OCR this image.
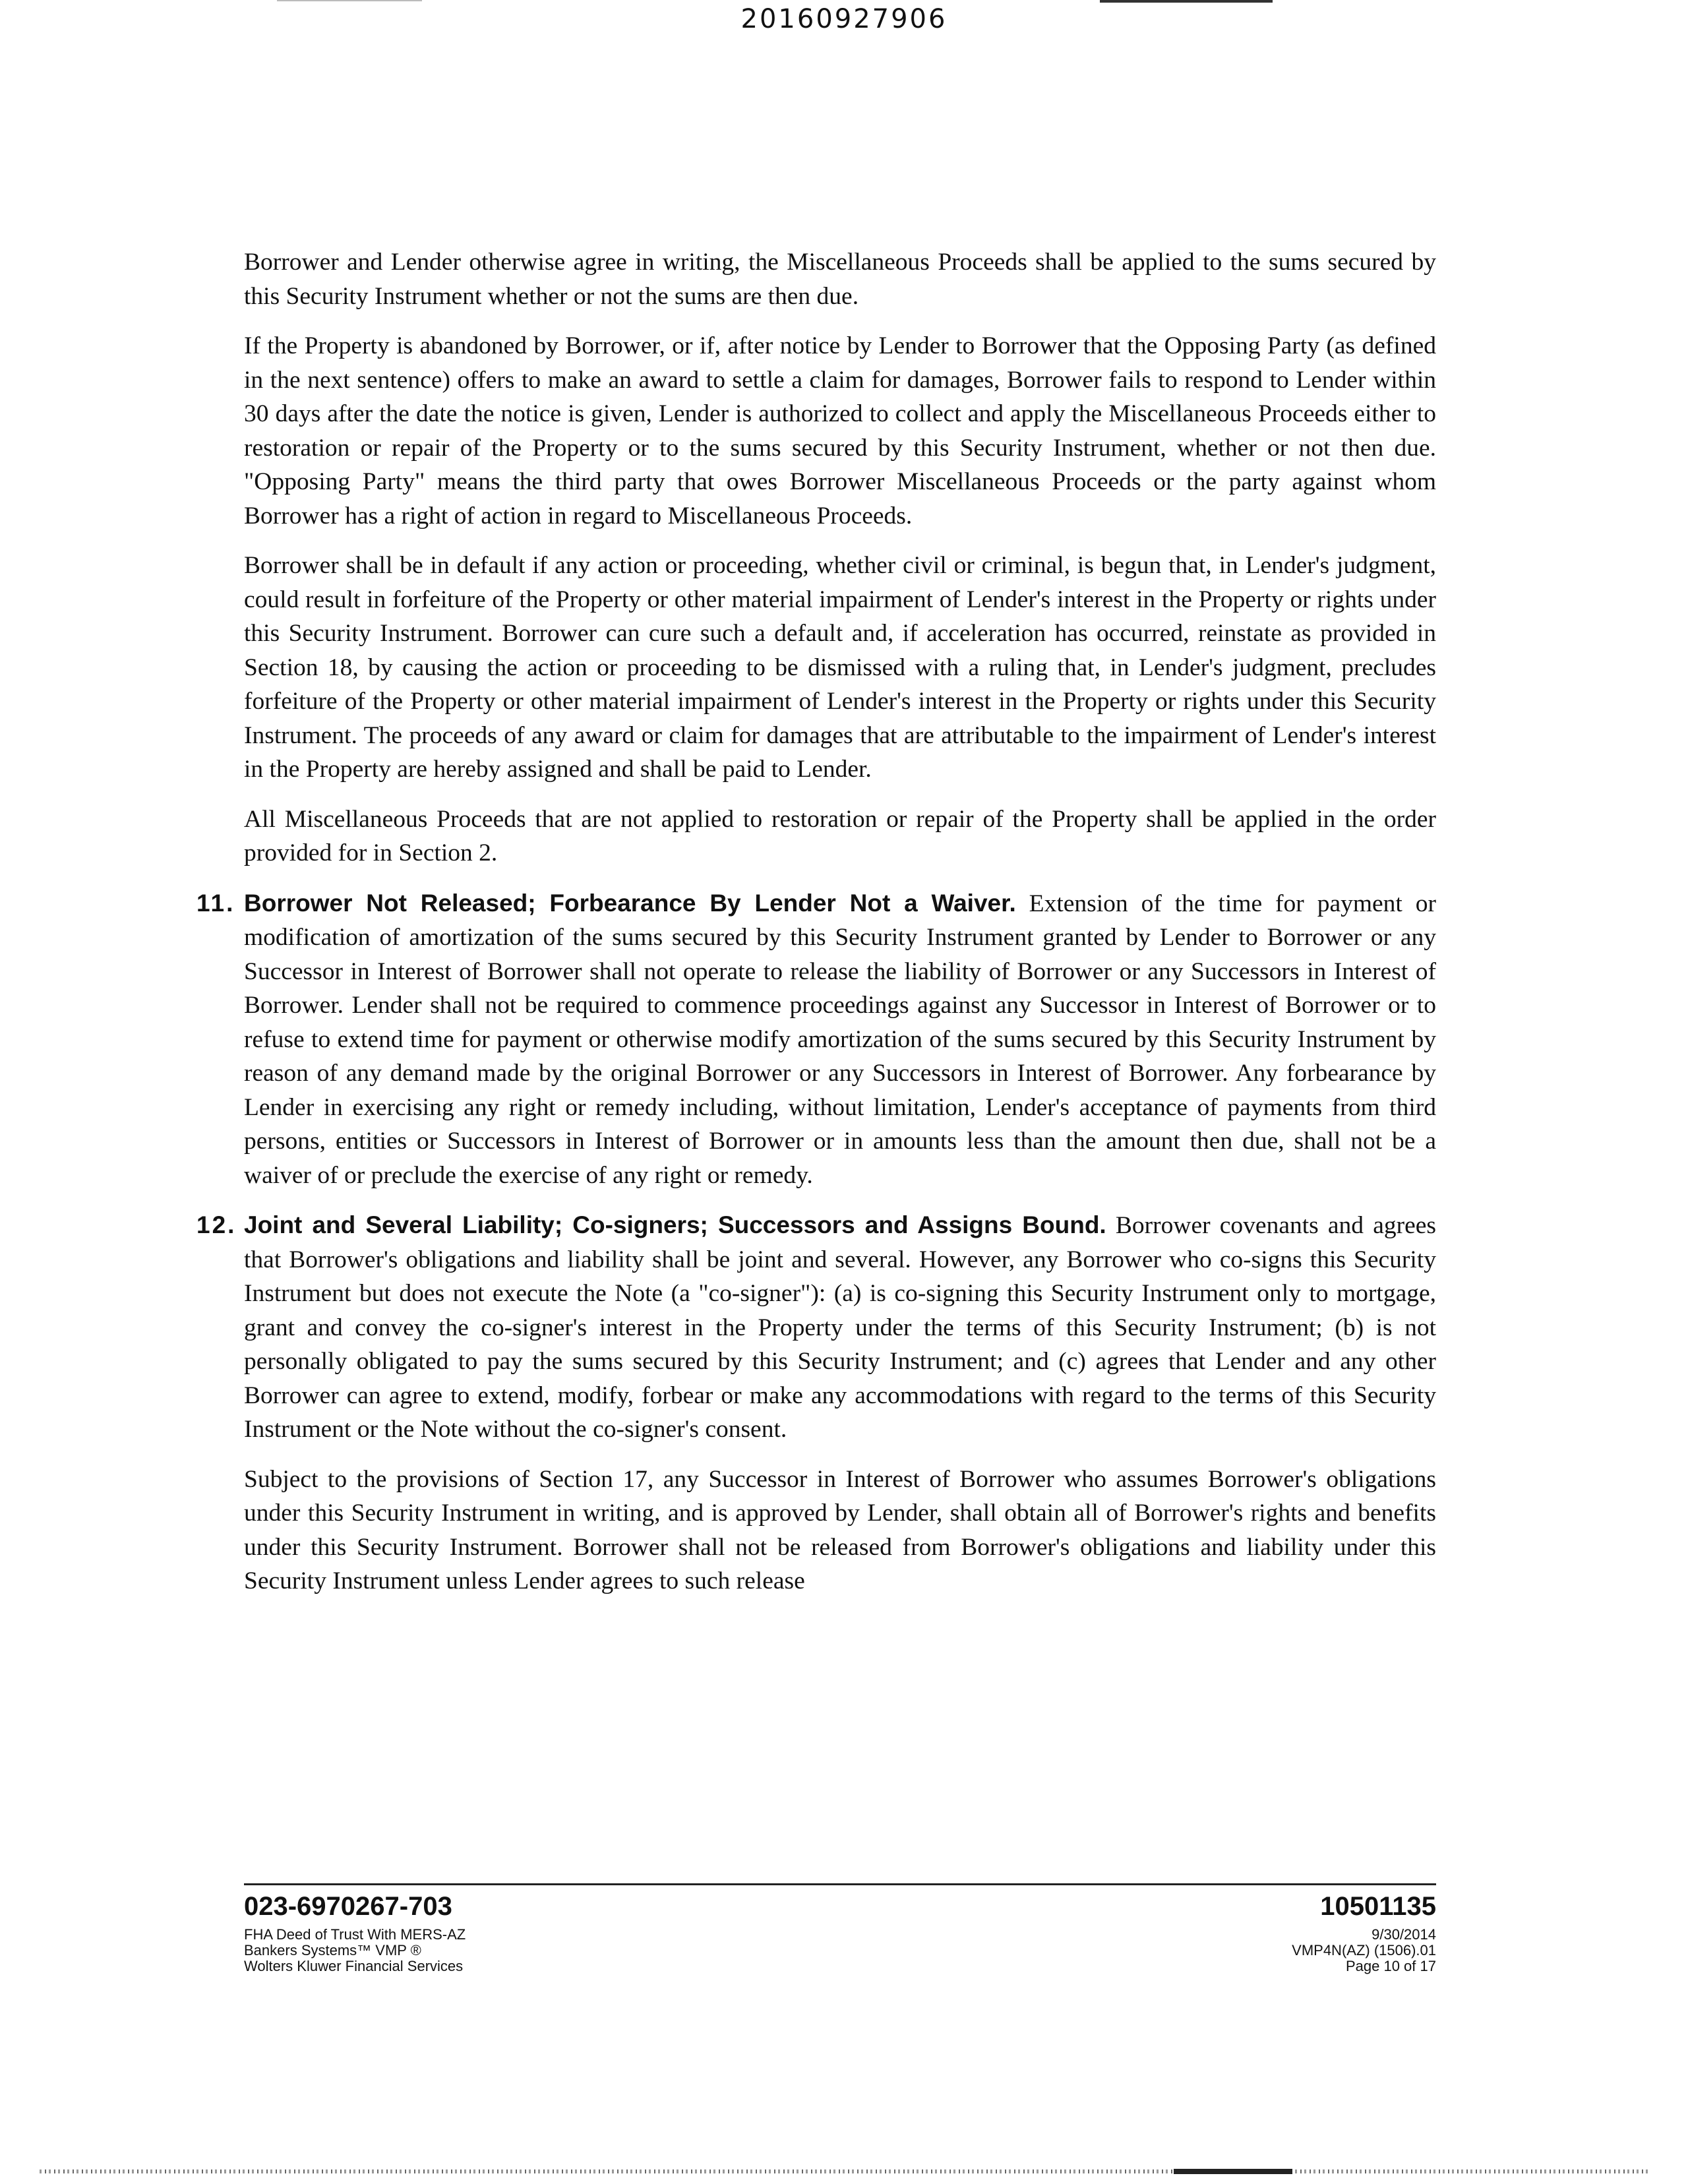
20160927906

Borrower and Lender otherwise agree in writing, the Miscellaneous Proceeds shall be applied to the sums secured by this Security Instrument whether or not the sums are then due.

If the Property is abandoned by Borrower, or if, after notice by Lender to Borrower that the Opposing Party (as defined in the next sentence) offers to make an award to settle a claim for damages, Borrower fails to respond to Lender within 30 days after the date the notice is given, Lender is authorized to collect and apply the Miscellaneous Proceeds either to restoration or repair of the Property or to the sums secured by this Security Instrument, whether or not then due. "Opposing Party" means the third party that owes Borrower Miscellaneous Proceeds or the party against whom Borrower has a right of action in regard to Miscellaneous Proceeds.

Borrower shall be in default if any action or proceeding, whether civil or criminal, is begun that, in Lender's judgment, could result in forfeiture of the Property or other material impairment of Lender's interest in the Property or rights under this Security Instrument. Borrower can cure such a default and, if acceleration has occurred, reinstate as provided in Section 18, by causing the action or proceeding to be dismissed with a ruling that, in Lender's judgment, precludes forfeiture of the Property or other material impairment of Lender's interest in the Property or rights under this Security Instrument. The proceeds of any award or claim for damages that are attributable to the impairment of Lender's interest in the Property are hereby assigned and shall be paid to Lender.

All Miscellaneous Proceeds that are not applied to restoration or repair of the Property shall be applied in the order provided for in Section 2.

11. Borrower Not Released; Forbearance By Lender Not a Waiver. Extension of the time for payment or modification of amortization of the sums secured by this Security Instrument granted by Lender to Borrower or any Successor in Interest of Borrower shall not operate to release the liability of Borrower or any Successors in Interest of Borrower. Lender shall not be required to commence proceedings against any Successor in Interest of Borrower or to refuse to extend time for payment or otherwise modify amortization of the sums secured by this Security Instrument by reason of any demand made by the original Borrower or any Successors in Interest of Borrower. Any forbearance by Lender in exercising any right or remedy including, without limitation, Lender's acceptance of payments from third persons, entities or Successors in Interest of Borrower or in amounts less than the amount then due, shall not be a waiver of or preclude the exercise of any right or remedy.
12. Joint and Several Liability; Co-signers; Successors and Assigns Bound. Borrower covenants and agrees that Borrower's obligations and liability shall be joint and several. However, any Borrower who co-signs this Security Instrument but does not execute the Note (a "co-signer"): (a) is co-signing this Security Instrument only to mortgage, grant and convey the co-signer's interest in the Property under the terms of this Security Instrument; (b) is not personally obligated to pay the sums secured by this Security Instrument; and (c) agrees that Lender and any other Borrower can agree to extend, modify, forbear or make any accommodations with regard to the terms of this Security Instrument or the Note without the co-signer's consent.

Subject to the provisions of Section 17, any Successor in Interest of Borrower who assumes Borrower's obligations under this Security Instrument in writing, and is approved by Lender, shall obtain all of Borrower's rights and benefits under this Security Instrument. Borrower shall not be released from Borrower's obligations and liability under this Security Instrument unless Lender agrees to such release

023-6970267-703
FHA Deed of Trust With MERS-AZ
Bankers Systems™ VMP ®
Wolters Kluwer Financial Services
10501135
9/30/2014
VMP4N(AZ) (1506).01
Page 10 of 17
